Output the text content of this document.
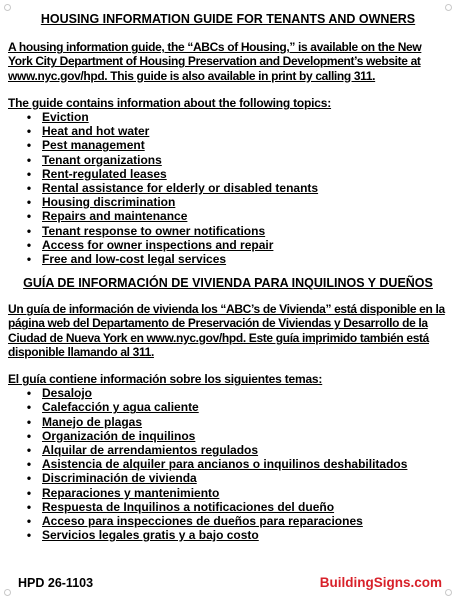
HOUSING INFORMATION GUIDE FOR TENANTS AND OWNERS

A housing information guide, the “ABCs of Housing,” is available on the New York City Department of Housing Preservation and Development’s website at www.nyc.gov/hpd. This guide is also available in print by calling 311.

The guide contains information about the following topics:

• Eviction
• Heat and hot water
• Pest management
• Tenant organizations
• Rent-regulated leases
• Rental assistance for elderly or disabled tenants
• Housing discrimination
• Repairs and maintenance
• Tenant response to owner notifications
• Access for owner inspections and repair
• Free and low-cost legal services
GUÍA DE INFORMACIÓN DE VIVIENDA PARA INQUILINOS Y DUEÑOS

Un guía de información de vivienda los “ABC’s de Vivienda” está disponible en la página web del Departamento de Preservación de Viviendas y Desarrollo de la Ciudad de Nueva York en www.nyc.gov/hpd. Este guía imprimido también está disponible llamando al 311.

El guía contiene información sobre los siguientes temas:

• Desalojo
• Calefacción y agua caliente
• Manejo de plagas
• Organización de inquilinos
• Alquilar de arrendamientos regulados
• Asistencia de alquiler para ancianos o inquilinos deshabilitados
• Discriminación de vivienda
• Reparaciones y mantenimiento
• Respuesta de Inquilinos a notificaciones del dueño
• Acceso para inspecciones de dueños para reparaciones
• Servicios legales gratis y a bajo costo
HPD 26-1103	BuildingSigns.com
